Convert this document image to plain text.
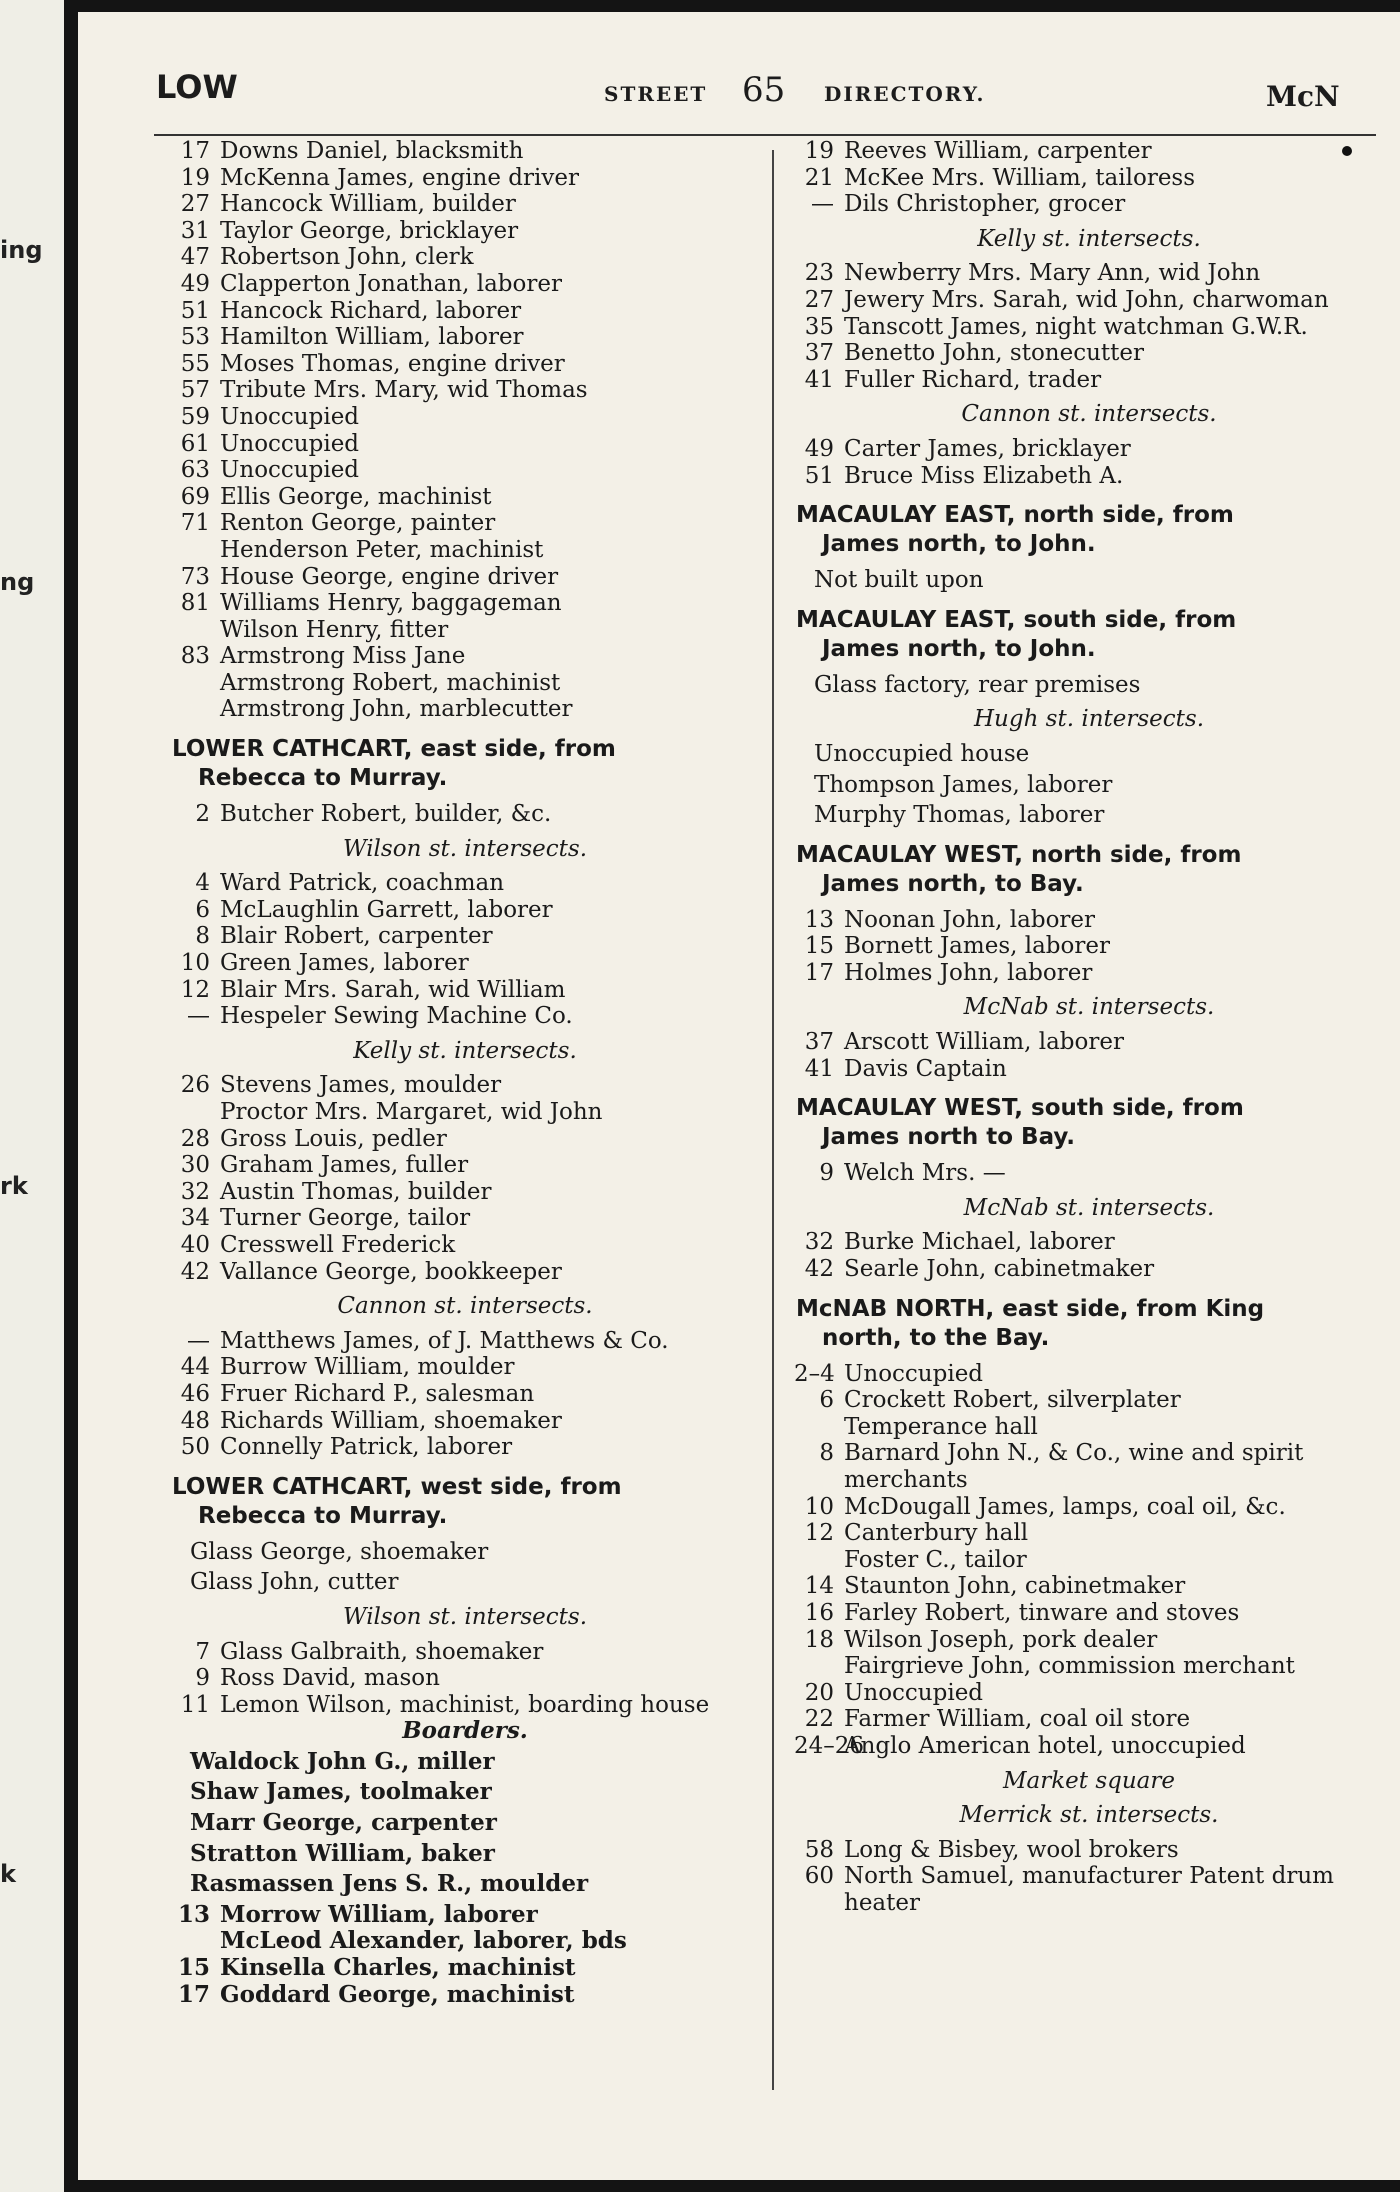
ing
ng
rk
k
LOW	STREET 65 DIRECTORY.	McN
17 Downs Daniel, blacksmith
19 McKenna James, engine driver
27 Hancock William, builder
31 Taylor George, bricklayer
47 Robertson John, clerk
49 Clapperton Jonathan, laborer
51 Hancock Richard, laborer
53 Hamilton William, laborer
55 Moses Thomas, engine driver
57 Tribute Mrs. Mary, wid Thomas
59 Unoccupied
61 Unoccupied
63 Unoccupied
69 Ellis George, machinist
71 Renton George, painter
Henderson Peter, machinist
73 House George, engine driver
81 Williams Henry, baggageman
Wilson Henry, fitter
83 Armstrong Miss Jane
Armstrong Robert, machinist
Armstrong John, marblecutter
LOWER CATHCART, east side, from
Rebecca to Murray.
2 Butcher Robert, builder, &c.
Wilson st. intersects.
4 Ward Patrick, coachman
6 McLaughlin Garrett, laborer
8 Blair Robert, carpenter
10 Green James, laborer
12 Blair Mrs. Sarah, wid William
— Hespeler Sewing Machine Co.
Kelly st. intersects.
26 Stevens James, moulder
Proctor Mrs. Margaret, wid John
28 Gross Louis, pedler
30 Graham James, fuller
32 Austin Thomas, builder
34 Turner George, tailor
40 Cresswell Frederick
42 Vallance George, bookkeeper
Cannon st. intersects.
— Matthews James, of J. Matthews & Co.
44 Burrow William, moulder
46 Fruer Richard P., salesman
48 Richards William, shoemaker
50 Connelly Patrick, laborer
LOWER CATHCART, west side, from
Rebecca to Murray.
Glass George, shoemaker
Glass John, cutter
Wilson st. intersects.
7 Glass Galbraith, shoemaker
9 Ross David, mason
11 Lemon Wilson, machinist, boarding house
Boarders.
Waldock John G., miller
Shaw James, toolmaker
Marr George, carpenter
Stratton William, baker
Rasmassen Jens S. R., moulder
13 Morrow William, laborer
McLeod Alexander, laborer, bds
15 Kinsella Charles, machinist
17 Goddard George, machinist
19 Reeves William, carpenter
21 McKee Mrs. William, tailoress
— Dils Christopher, grocer
Kelly st. intersects.
23 Newberry Mrs. Mary Ann, wid John
27 Jewery Mrs. Sarah, wid John, charwoman
35 Tanscott James, night watchman G.W.R.
37 Benetto John, stonecutter
41 Fuller Richard, trader
Cannon st. intersects.
49 Carter James, bricklayer
51 Bruce Miss Elizabeth A.
MACAULAY EAST, north side, from
James north, to John.
Not built upon
MACAULAY EAST, south side, from
James north, to John.
Glass factory, rear premises
Hugh st. intersects.
Unoccupied house
Thompson James, laborer
Murphy Thomas, laborer
MACAULAY WEST, north side, from
James north, to Bay.
13 Noonan John, laborer
15 Bornett James, laborer
17 Holmes John, laborer
McNab st. intersects.
37 Arscott William, laborer
41 Davis Captain
MACAULAY WEST, south side, from
James north to Bay.
9 Welch Mrs. —
McNab st. intersects.
32 Burke Michael, laborer
42 Searle John, cabinetmaker
McNAB NORTH, east side, from King
north, to the Bay.
2–4 Unoccupied
6 Crockett Robert, silverplater
Temperance hall
8 Barnard John N., & Co., wine and spirit
merchants
10 McDougall James, lamps, coal oil, &c.
12 Canterbury hall
Foster C., tailor
14 Staunton John, cabinetmaker
16 Farley Robert, tinware and stoves
18 Wilson Joseph, pork dealer
Fairgrieve John, commission merchant
20 Unoccupied
22 Farmer William, coal oil store
24–26
Anglo American hotel, unoccupied
Market square
Merrick st. intersects.
58 Long & Bisbey, wool brokers
60 North Samuel, manufacturer Patent drum
heater
